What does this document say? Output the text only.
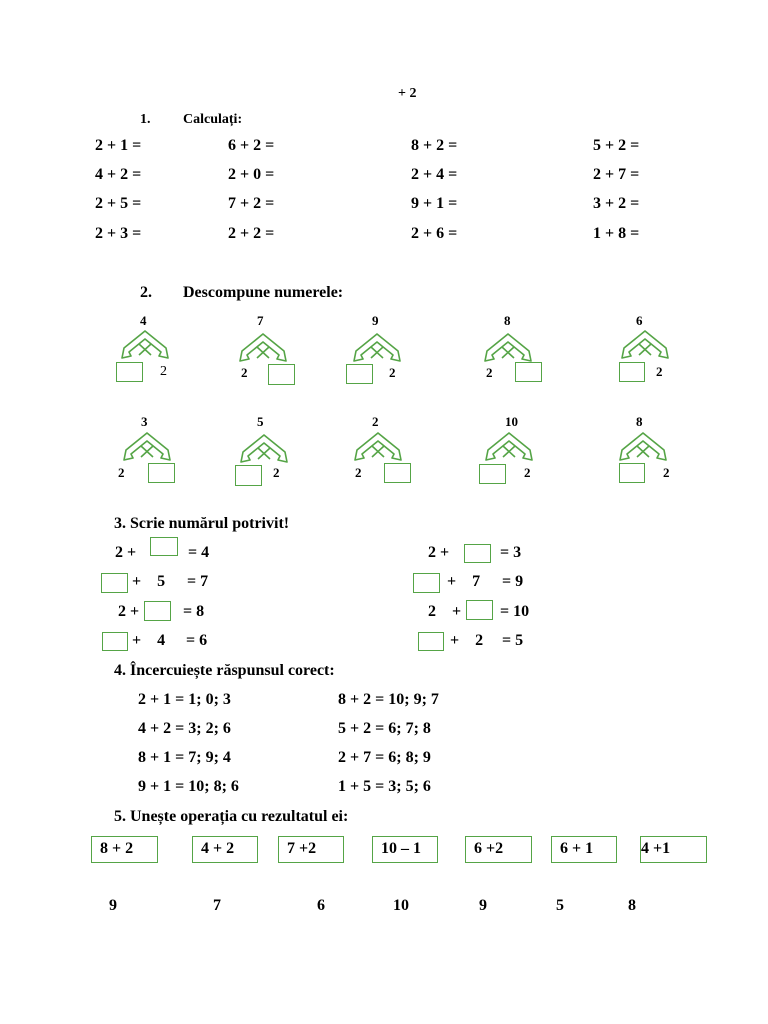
+ 2
1. Calculați:
2 + 1 =	6 + 2 =	8 + 2 =	5 + 2 =
4 + 2 =	2 + 0 =	2 + 4 =	2 + 7 =
2 + 5 =	7 + 2 =	9 + 1 =	3 + 2 =
2 + 3 =	2 + 2 =	2 + 6 =	1 + 8 =
2. Descompune numerele:
4
2
7
2
9
2
8
2
6
2
3
2
5
2
2
2
10
2
8
2
3. Scrie numărul potrivit!
2 +	= 4
+    5 = 7
2 +	= 8
+    4 = 6
2 +	= 3
+    7 = 9
2    + = 10
+    2 = 5
4. Încercuiește răspunsul corect:
2 + 1 = 1; 0; 3
4 + 2 = 3; 2; 6
8 + 1 = 7; 9; 4
9 + 1 = 10; 8; 6
8 + 2 = 10; 9; 7
5 + 2 = 6; 7; 8
2 + 7 = 6; 8; 9
1 + 5 = 3; 5; 6
5. Unește operația cu rezultatul ei:
8 + 2	4 + 2	7 +2	10 – 1	6 +2	6 + 1	4 +1
9	7	6	10	9	5	8
